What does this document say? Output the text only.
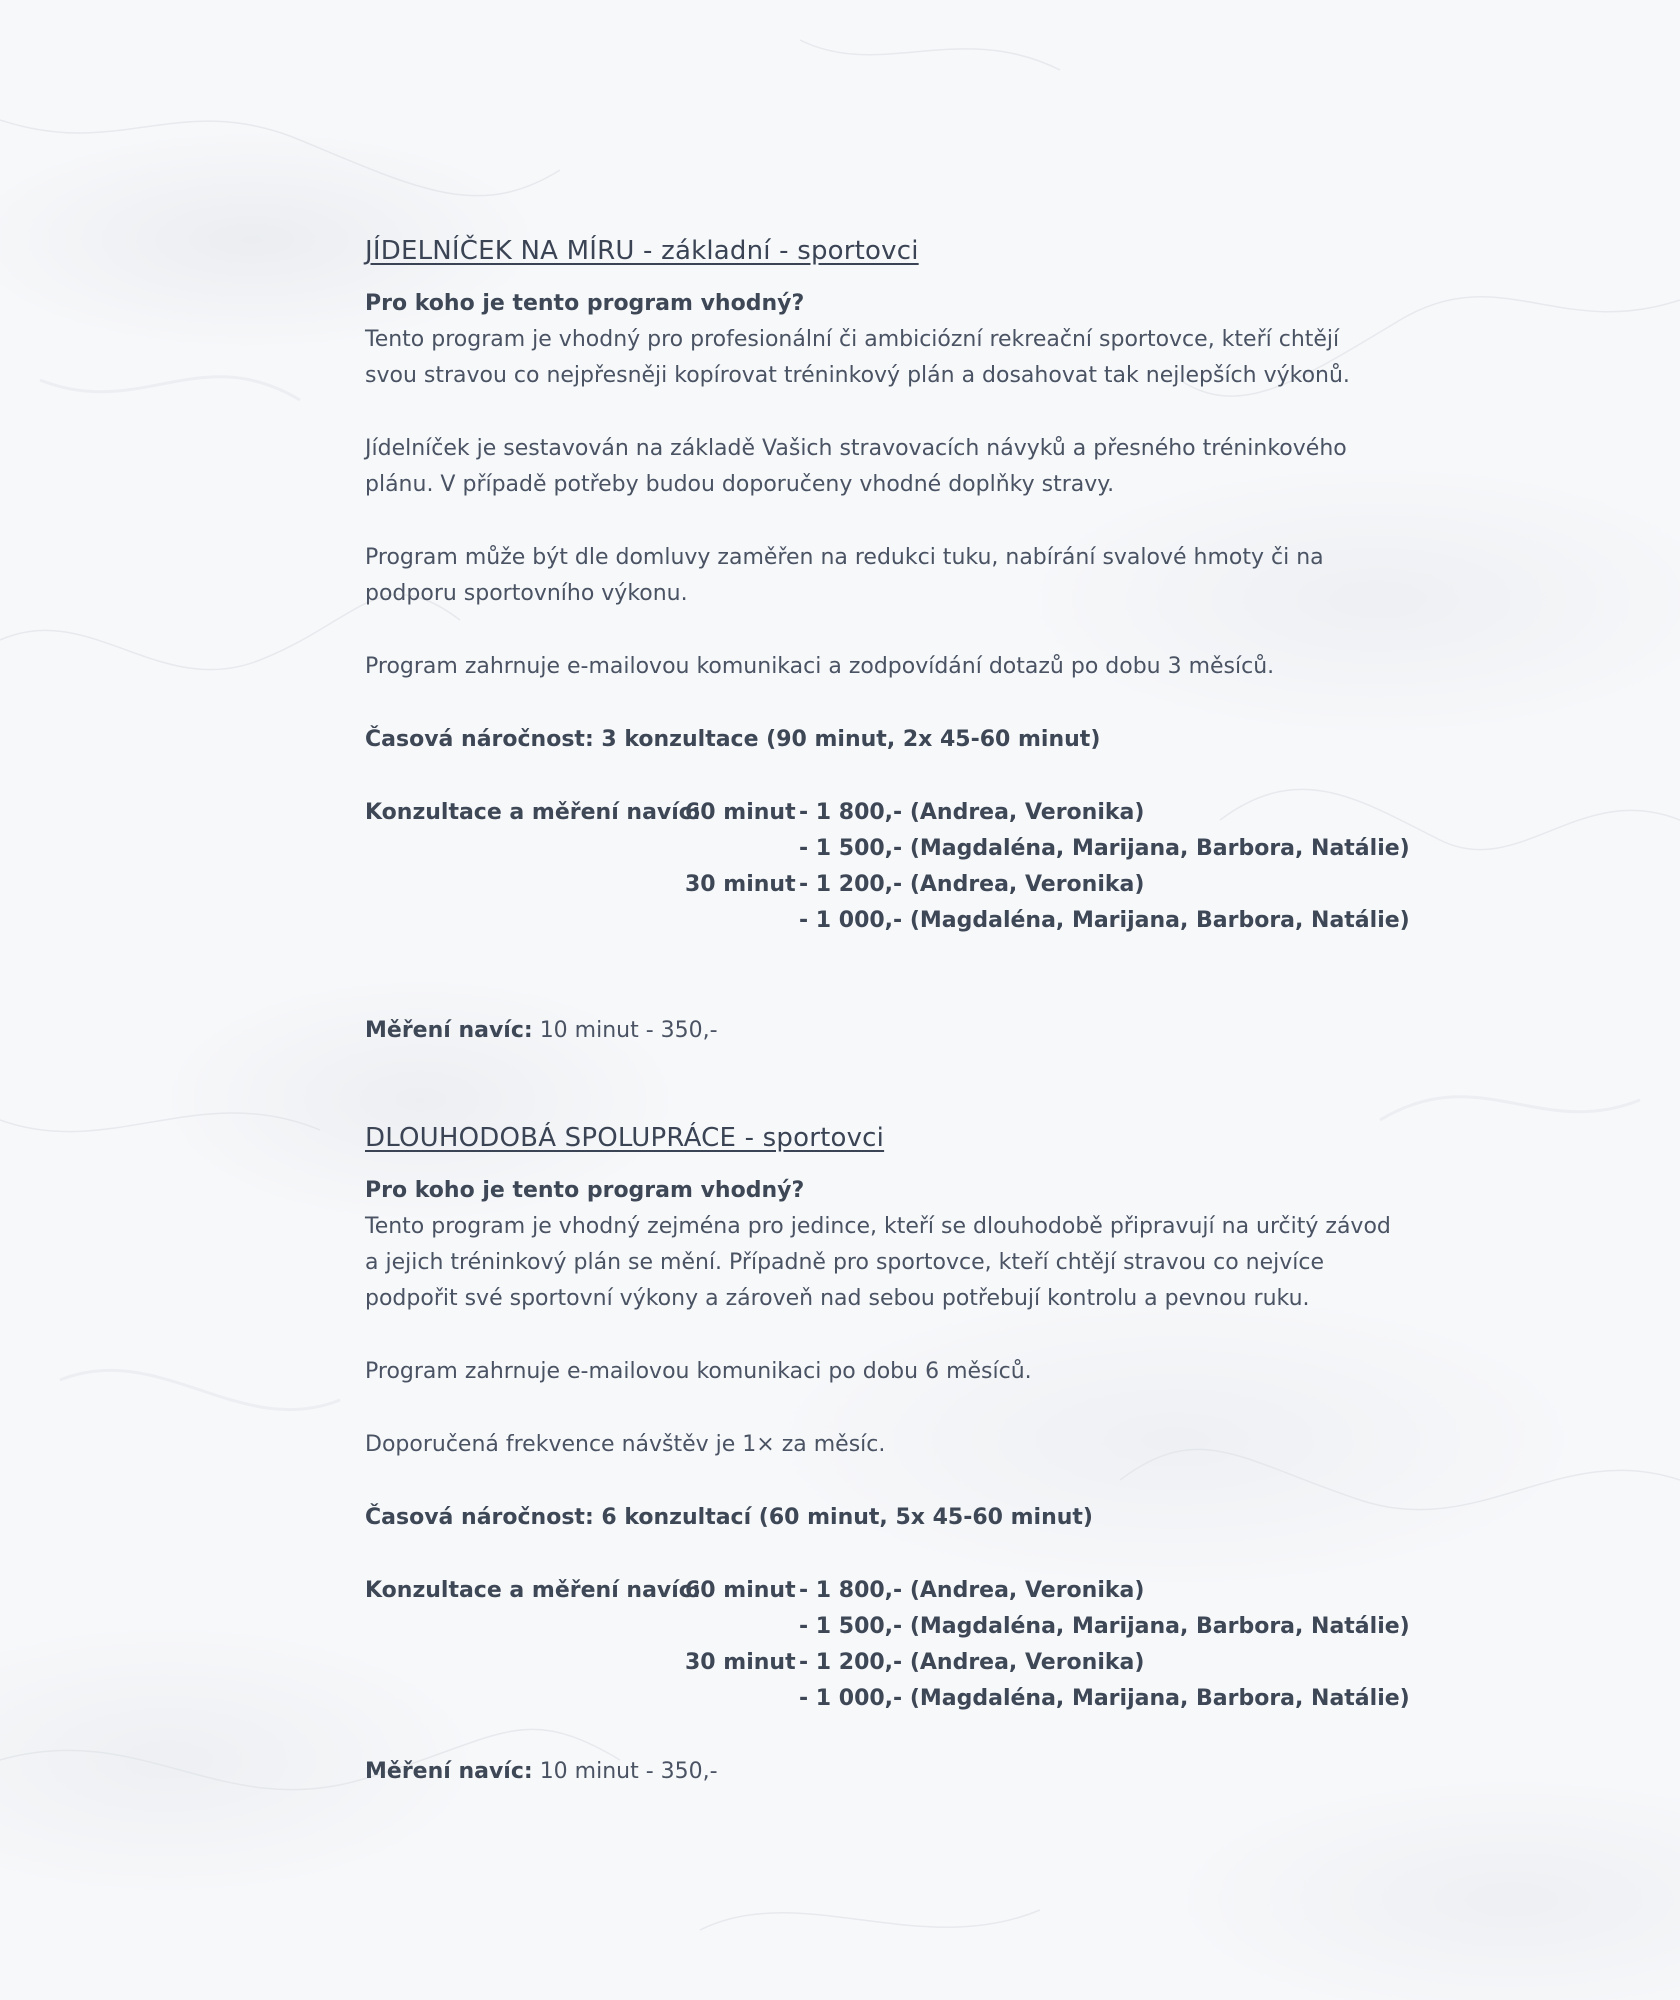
JÍDELNÍČEK NA MÍRU - základní - sportovci

Pro koho je tento program vhodný?

Tento program je vhodný pro profesionální či ambiciózní rekreační sportovce, kteří chtějí

svou stravou co nejpřesněji kopírovat tréninkový plán a dosahovat tak nejlepších výkonů.

Jídelníček je sestavován na základě Vašich stravovacích návyků a přesného tréninkového

plánu. V případě potřeby budou doporučeny vhodné doplňky stravy.

Program může být dle domluvy zaměřen na redukci tuku, nabírání svalové hmoty či na

podporu sportovního výkonu.

Program zahrnuje e-mailovou komunikaci a zodpovídání dotazů po dobu 3 měsíců.

Časová náročnost: 3 konzultace (90 minut, 2x 45-60 minut)

Konzultace a měření navíc:
60 minut - 1 800,- (Andrea, Veronika)
- 1 500,- (Magdaléna, Marijana, Barbora, Natálie)
30 minut - 1 200,- (Andrea, Veronika)
- 1 000,- (Magdaléna, Marijana, Barbora, Natálie)

Měření navíc: 10 minut - 350,-

DLOUHODOBÁ SPOLUPRÁCE - sportovci

Pro koho je tento program vhodný?

Tento program je vhodný zejména pro jedince, kteří se dlouhodobě připravují na určitý závod

a jejich tréninkový plán se mění. Případně pro sportovce, kteří chtějí stravou co nejvíce

podpořit své sportovní výkony a zároveň nad sebou potřebují kontrolu a pevnou ruku.

Program zahrnuje e-mailovou komunikaci po dobu 6 měsíců.

Doporučená frekvence návštěv je 1× za měsíc.

Časová náročnost: 6 konzultací (60 minut, 5x 45-60 minut)

Konzultace a měření navíc:
60 minut - 1 800,- (Andrea, Veronika)
- 1 500,- (Magdaléna, Marijana, Barbora, Natálie)
30 minut - 1 200,- (Andrea, Veronika)
- 1 000,- (Magdaléna, Marijana, Barbora, Natálie)

Měření navíc: 10 minut - 350,-
